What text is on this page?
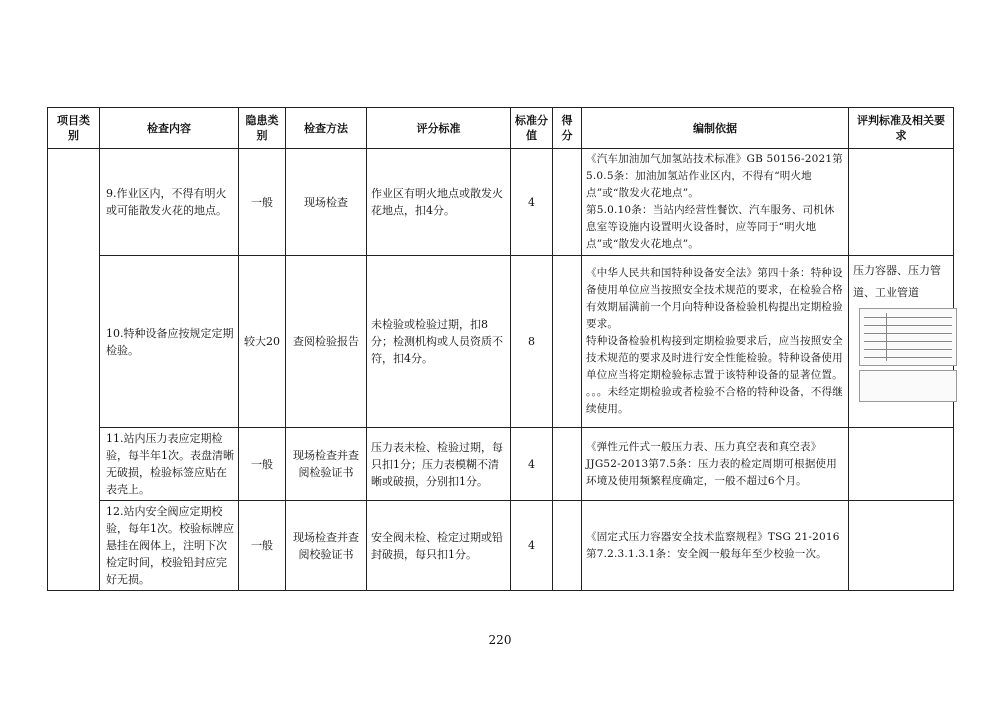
项目类别	检查内容	隐患类别	检查方法	评分标准	标准分值	得分	编制依据	评判标准及相关要求
	9.作业区内，不得有明火或可能散发火花的地点。	一般	现场检查	作业区有明火地点或散发火花地点，扣4分。	4		《汽车加油加气加氢站技术标准》GB 50156-2021第5.0.5条：加油加氢站作业区内，不得有“明火地点”或“散发火花地点”。
第5.0.10条：当站内经营性餐饮、汽车服务、司机休息室等设施内设置明火设备时，应等同于“明火地点”或“散发火花地点”。	

	10.特种设备应按规定定期检验。	较大20	查阅检验报告	未检验或检验过期，扣8分；检测机构或人员资质不符，扣4分。	8		《中华人民共和国特种设备安全法》第四十条：特种设备使用单位应当按照安全技术规范的要求，在检验合格有效期届满前一个月向特种设备检验机构提出定期检验要求。
特种设备检验机构接到定期检验要求后，应当按照安全技术规范的要求及时进行安全性能检验。特种设备使用单位应当将定期检验标志置于该特种设备的显著位置。
。。。未经定期检验或者检验不合格的特种设备，不得继续使用。	压力容器、压力管道、工业管道

	11.站内压力表应定期检验，每半年1次。表盘清晰无破损，检验标签应贴在表壳上。	一般	现场检查并查阅检验证书	压力表未检、检验过期，每只扣1分；压力表模糊不清晰或破损，分别扣1分。	4		《弹性元件式一般压力表、压力真空表和真空表》JJG52-2013第7.5条：压力表的检定周期可根据使用环境及使用频繁程度确定，一般不超过6个月。	

	12.站内安全阀应定期校验，每年1次。校验标牌应悬挂在阀体上，注明下次检定时间，校验铅封应完好无损。	一般	现场检查并查阅校验证书	安全阀未检、检定过期或铅封破损，每只扣1分。	4		《固定式压力容器安全技术监察规程》TSG 21-2016第7.2.3.1.3.1条：安全阀一般每年至少校验一次。	

220
